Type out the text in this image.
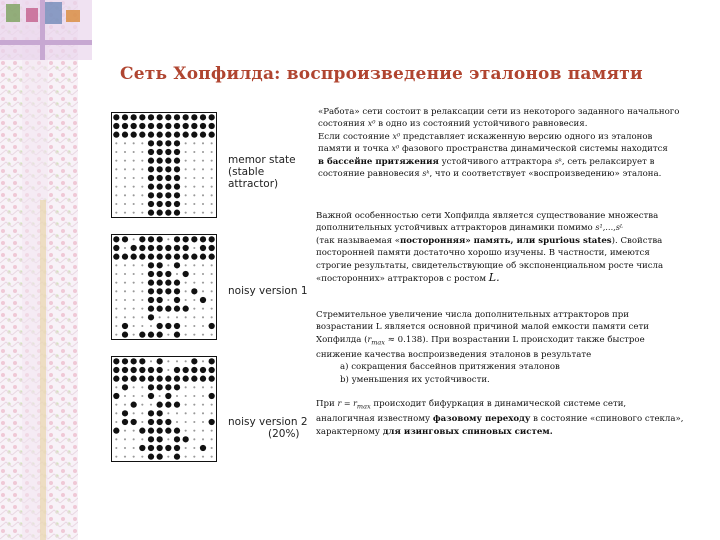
Сеть Хопфилда: воспроизведение эталонов памяти
memor state
(stable attractor)
noisy version 1
noisy version 2
(20%)

«Работа» сети состоит в релаксации сети из некоторого заданного начального

состояния x⁰ в одно из состояний устойчивого равновесия.

Если состояние x⁰ представляет искаженную версию одного из эталонов

памяти и точка x⁰ фазового пространства динамической системы находится

в бассейне притяжения устойчивого аттрактора sᵏ, сеть релаксирует в

состояние равновесия sᵏ, что и соответствует «воспроизведению» эталона.

Важной особенностью сети Хопфилда является существование множества

дополнительных устойчивых аттракторов динамики помимо s¹,…,sᴸ

(так называемая «посторонняя» память, или spurious states). Свойства

посторонней памяти достаточно хорошо изучены. В частности, имеются

строгие результаты, свидетельствующие об экспоненциальном росте числа

«посторонних» аттракторов с ростом L.

Стремительное увеличение числа дополнительных аттракторов при

возрастании L является основной причиной малой емкости памяти сети

Хопфилда $(r_{max} \approx 0.138)$. При возрастании L происходит также быстрое

снижение качества воспроизведения эталонов в результате

a) сокращения бассейнов притяжения эталонов

b) уменьшения их устойчивости.

При $r = r_{max}$ происходит бифуркация в динамической системе сети,

аналогичная известному фазовому переходу в состояние «спинового стекла»,

характерному для изинговых спиновых систем.
